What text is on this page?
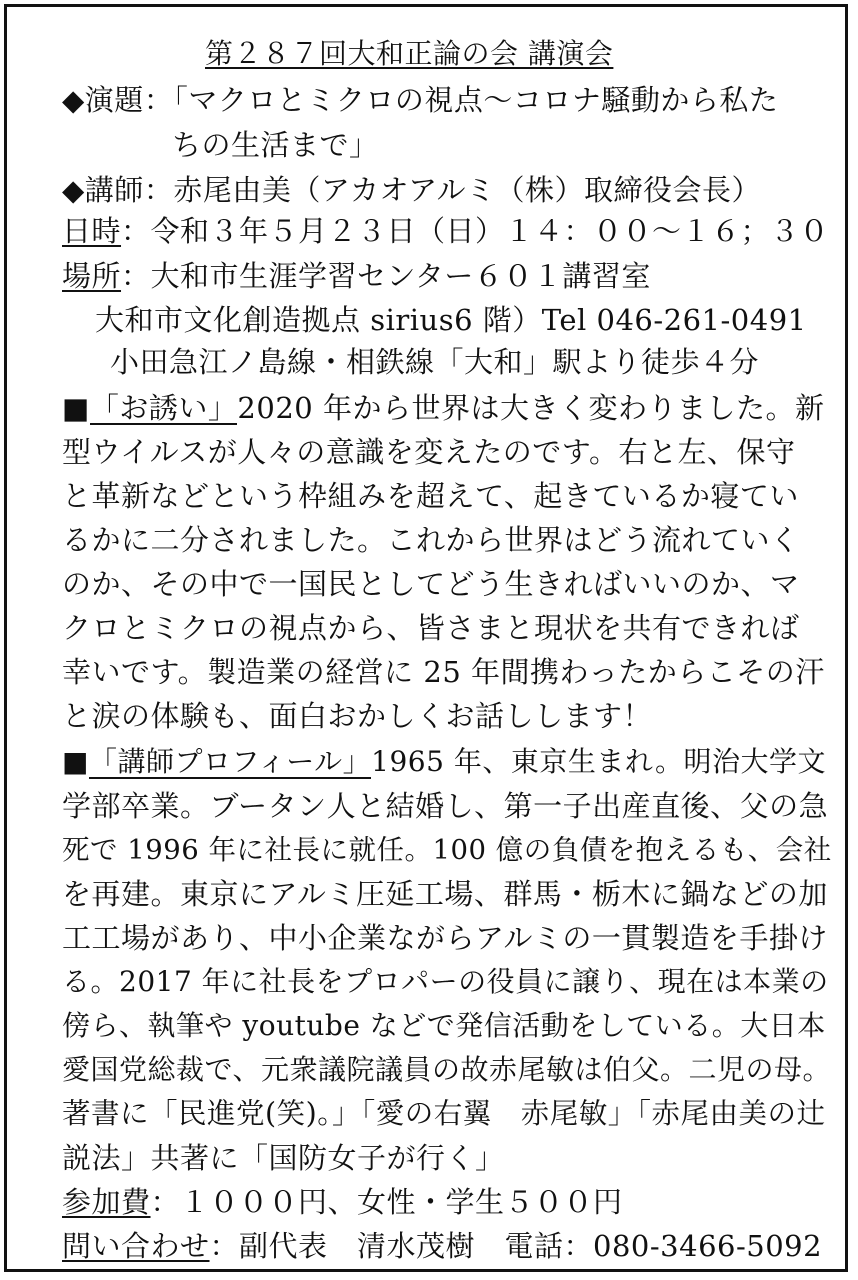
第２８７回大和正論の会 講演会
◆演題：「マクロとミクロの視点〜コロナ騒動から私た
ちの生活まで」
◆講師：赤尾由美（アカオアルミ（株）取締役会長）
日時：令和３年５月２３日（日）１４：００〜１６；３０
場所：大和市生涯学習センター６０１講習室
大和市文化創造拠点 sirius6 階）Tel 046-261-0491
小田急江ノ島線・相鉄線「大和」駅より徒歩４分
■「お誘い」2020 年から世界は大きく変わりました。新
型ウイルスが人々の意識を変えたのです。右と左、保守
と革新などという枠組みを超えて、起きているか寝てい
るかに二分されました。これから世界はどう流れていく
のか、その中で一国民としてどう生きればいいのか、マ
クロとミクロの視点から、皆さまと現状を共有できれば
幸いです。製造業の経営に 25 年間携わったからこその汗
と涙の体験も、面白おかしくお話しします！
■「講師プロフィール」1965 年、東京生まれ。明治大学文
学部卒業。ブータン人と結婚し、第一子出産直後、父の急
死で 1996 年に社長に就任。100 億の負債を抱えるも、会社
を再建。東京にアルミ圧延工場、群馬・栃木に鍋などの加
工工場があり、中小企業ながらアルミの一貫製造を手掛け
る。2017 年に社長をプロパーの役員に譲り、現在は本業の
傍ら、執筆や youtube などで発信活動をしている。大日本
愛国党総裁で、元衆議院議員の故赤尾敏は伯父。二児の母。
著書に「民進党(笑)。」「愛の右翼　赤尾敏」「赤尾由美の辻
説法」共著に「国防女子が行く」
参加費：１０００円、女性・学生５００円
問い合わせ：副代表　清水茂樹　電話：080-3466-5092
